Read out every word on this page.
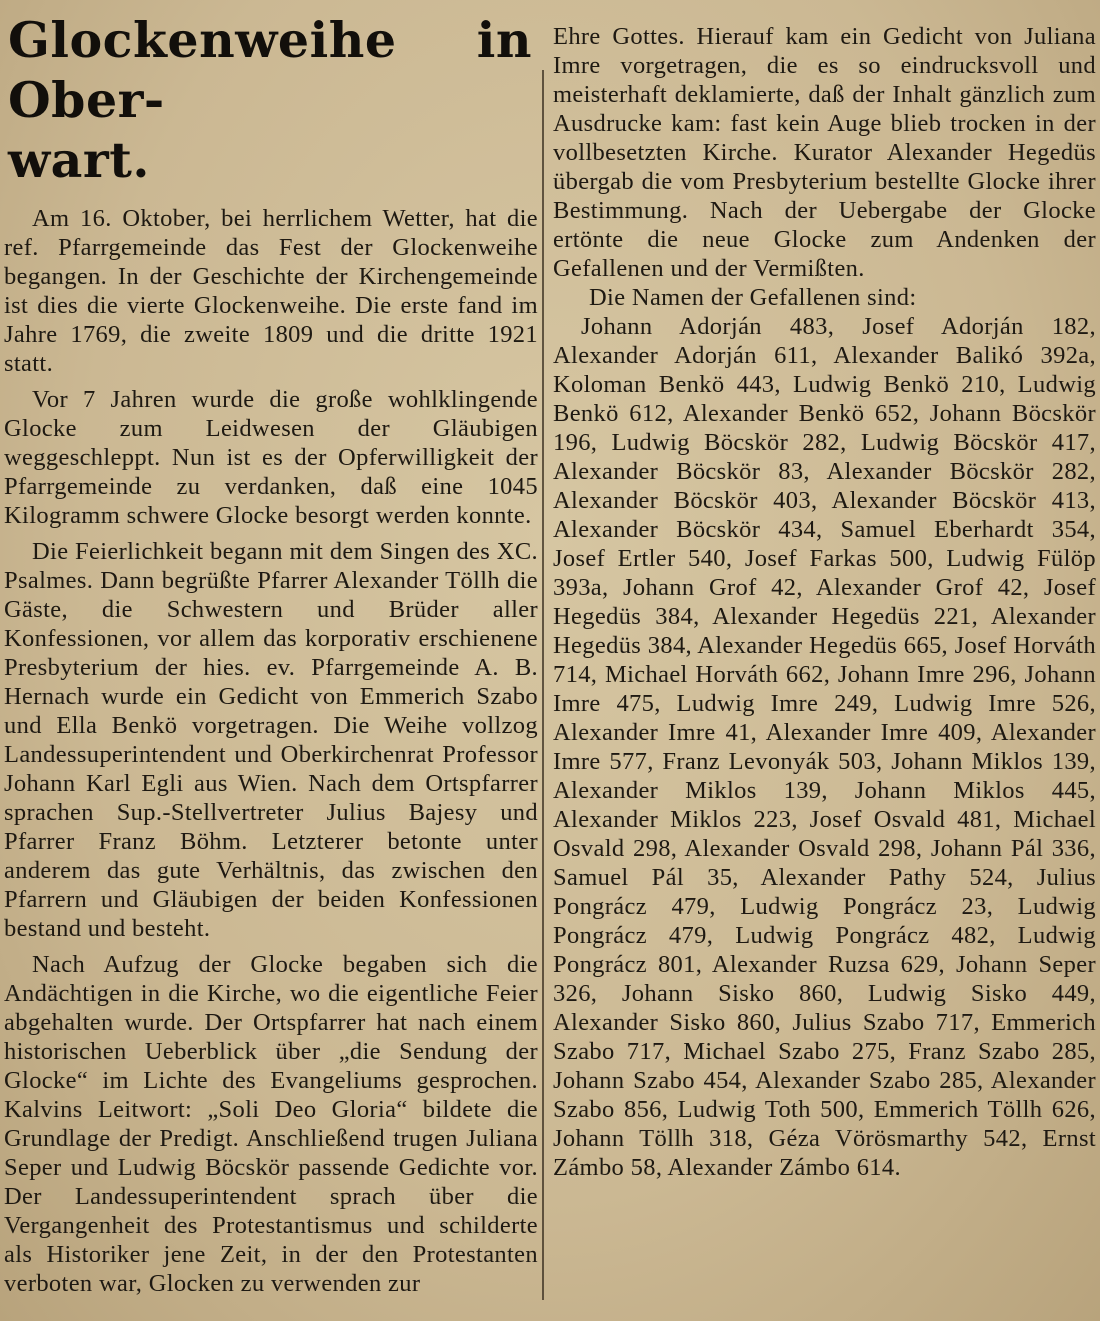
Glockenweihe in Ober-
wart.

Am 16. Oktober, bei herrlichem Wetter, hat die ref. Pfarrgemeinde das Fest der Glockenweihe begangen. In der Geschichte der Kirchengemeinde ist dies die vierte Glockenweihe. Die erste fand im Jahre 1769, die zweite 1809 und die dritte 1921 statt.

Vor 7 Jahren wurde die große wohlklingende Glocke zum Leidwesen der Gläubigen weggeschleppt. Nun ist es der Opferwilligkeit der Pfarrgemeinde zu verdanken, daß eine 1045 Kilogramm schwere Glocke besorgt werden konnte.

Die Feierlichkeit begann mit dem Singen des XC. Psalmes. Dann begrüßte Pfarrer Alexander Töllh die Gäste, die Schwestern und Brüder aller Konfessionen, vor allem das korporativ erschienene Presbyterium der hies. ev. Pfarrgemeinde A. B. Hernach wurde ein Gedicht von Emmerich Szabo und Ella Benkö vorgetragen. Die Weihe vollzog Landessuperintendent und Oberkirchenrat Professor Johann Karl Egli aus Wien. Nach dem Ortspfarrer sprachen Sup.-Stellvertreter Julius Bajesy und Pfarrer Franz Böhm. Letzterer betonte unter anderem das gute Verhältnis, das zwischen den Pfarrern und Gläubigen der beiden Konfessionen bestand und besteht.

Nach Aufzug der Glocke begaben sich die Andächtigen in die Kirche, wo die eigentliche Feier abgehalten wurde. Der Ortspfarrer hat nach einem historischen Ueberblick über „die Sendung der Glocke“ im Lichte des Evangeliums gesprochen. Kalvins Leitwort: „Soli Deo Gloria“ bildete die Grundlage der Predigt. Anschließend trugen Juliana Seper und Ludwig Böcskör passende Gedichte vor. Der Landessuperintendent sprach über die Vergangenheit des Protestantismus und schilderte als Historiker jene Zeit, in der den Protestanten verboten war, Glocken zu verwenden zur

Ehre Gottes. Hierauf kam ein Gedicht von Juliana Imre vorgetragen, die es so eindrucksvoll und meisterhaft deklamierte, daß der Inhalt gänzlich zum Ausdrucke kam: fast kein Auge blieb trocken in der vollbesetzten Kirche. Kurator Alexander Hegedüs übergab die vom Presbyterium bestellte Glocke ihrer Bestimmung. Nach der Uebergabe der Glocke ertönte die neue Glocke zum Andenken der Gefallenen und der Vermißten.

Die Namen der Gefallenen sind:

Johann Adorján 483, Josef Adorján 182, Alexander Adorján 611, Alexander Balikó 392a, Koloman Benkö 443, Ludwig Benkö 210, Ludwig Benkö 612, Alexander Benkö 652, Johann Böcskör 196, Ludwig Böcskör 282, Ludwig Böcskör 417, Alexander Böcskör 83, Alexander Böcskör 282, Alexander Böcskör 403, Alexander Böcskör 413, Alexander Böcskör 434, Samuel Eberhardt 354, Josef Ertler 540, Josef Farkas 500, Ludwig Fülöp 393a, Johann Grof 42, Alexander Grof 42, Josef Hegedüs 384, Alexander Hegedüs 221, Alexander Hegedüs 384, Alexander Hegedüs 665, Josef Horváth 714, Michael Horváth 662, Johann Imre 296, Johann Imre 475, Ludwig Imre 249, Ludwig Imre 526, Alexander Imre 41, Alexander Imre 409, Alexander Imre 577, Franz Levonyák 503, Johann Miklos 139, Alexander Miklos 139, Johann Miklos 445, Alexander Miklos 223, Josef Osvald 481, Michael Osvald 298, Alexander Osvald 298, Johann Pál 336, Samuel Pál 35, Alexander Pathy 524, Julius Pongrácz 479, Ludwig Pongrácz 23, Ludwig Pongrácz 479, Ludwig Pongrácz 482, Ludwig Pongrácz 801, Alexander Ruzsa 629, Johann Seper 326, Johann Sisko 860, Ludwig Sisko 449, Alexander Sisko 860, Julius Szabo 717, Emmerich Szabo 717, Michael Szabo 275, Franz Szabo 285, Johann Szabo 454, Alexander Szabo 285, Alexander Szabo 856, Ludwig Toth 500, Emmerich Töllh 626, Johann Töllh 318, Géza Vörösmarthy 542, Ernst Zámbo 58, Alexander Zámbo 614.
